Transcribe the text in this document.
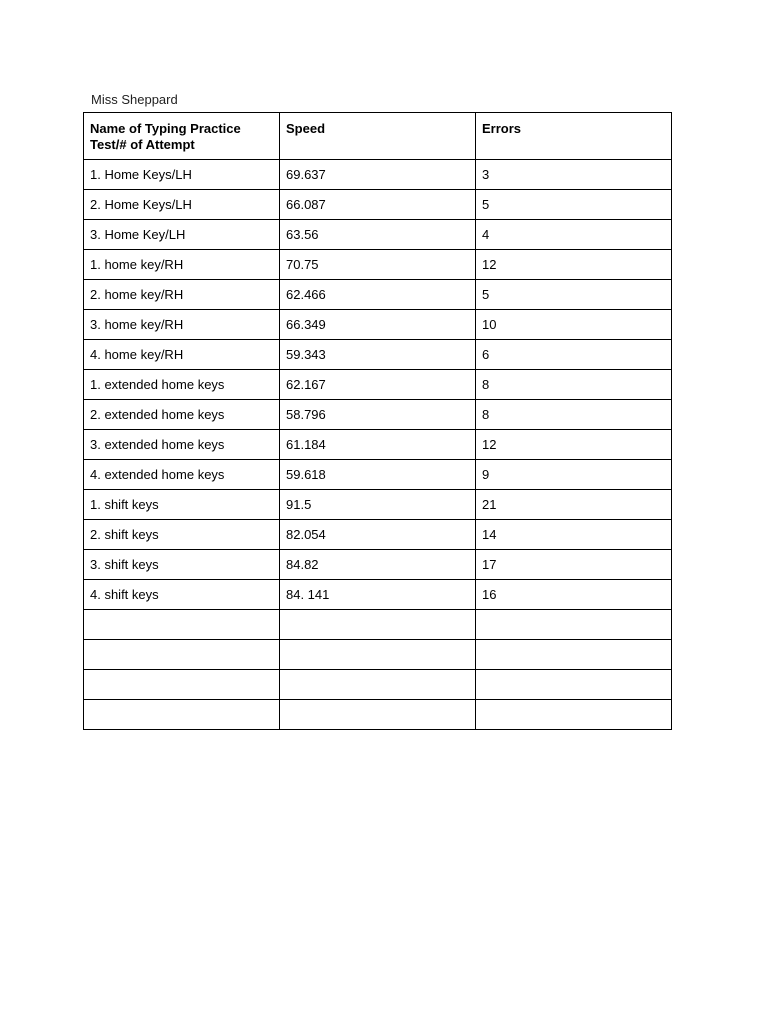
Miss Sheppard
Name of Typing Practice Test/# of Attempt	Speed	Errors
1. Home Keys/LH	69.637	3
2. Home Keys/LH	66.087	5
3. Home Key/LH	63.56	4
1. home key/RH	70.75	12
2. home key/RH	62.466	5
3. home key/RH	66.349	10
4. home key/RH	59.343	6
1. extended home keys	62.167	8
2. extended home keys	58.796	8
3. extended home keys	61.184	12
4. extended home keys	59.618	9
1. shift keys	91.5	21
2. shift keys	82.054	14
3. shift keys	84.82	17
4. shift keys	84. 141	16
